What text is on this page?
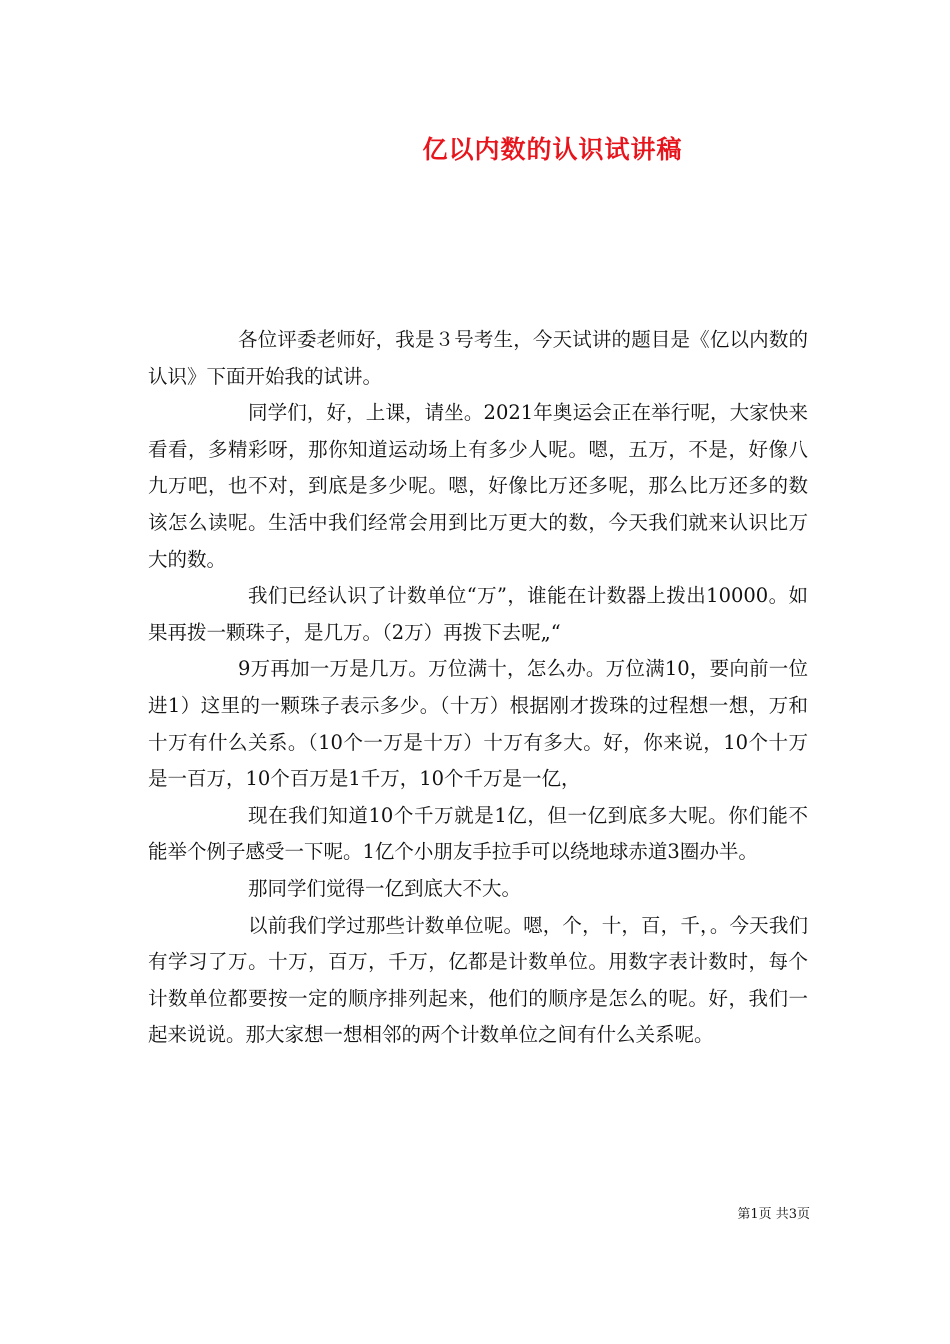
亿以内数的认识试讲稿

各位评委老师好，我是３号考生，今天试讲的题目是《亿以内数的认识》下面开始我的试讲。

同学们，好，上课，请坐。2021年奥运会正在举行呢，大家快来看看，多精彩呀，那你知道运动场上有多少人呢。嗯，五万，不是，好像八九万吧，也不对，到底是多少呢。嗯，好像比万还多呢，那么比万还多的数该怎么读呢。生活中我们经常会用到比万更大的数，今天我们就来认识比万大的数。

我们已经认识了计数单位“万”，谁能在计数器上拨出10000。如果再拨一颗珠子，是几万。（2万）再拨下去呢„“

9万再加一万是几万。万位满十，怎么办。万位满10，要向前一位进1）这里的一颗珠子表示多少。（十万）根据刚才拨珠的过程想一想，万和十万有什么关系。（10个一万是十万）十万有多大。好，你来说，10个十万是一百万，10个百万是1千万，10个千万是一亿，

现在我们知道10个千万就是1亿，但一亿到底多大呢。你们能不能举个例子感受一下呢。1亿个小朋友手拉手可以绕地球赤道3圈办半。

那同学们觉得一亿到底大不大。

以前我们学过那些计数单位呢。嗯，个，十，百，千，。今天我们有学习了万。十万，百万，千万，亿都是计数单位。用数字表计数时，每个计数单位都要按一定的顺序排列起来，他们的顺序是怎么的呢。好，我们一起来说说。那大家想一想相邻的两个计数单位之间有什么关系呢。

第1页 共3页
